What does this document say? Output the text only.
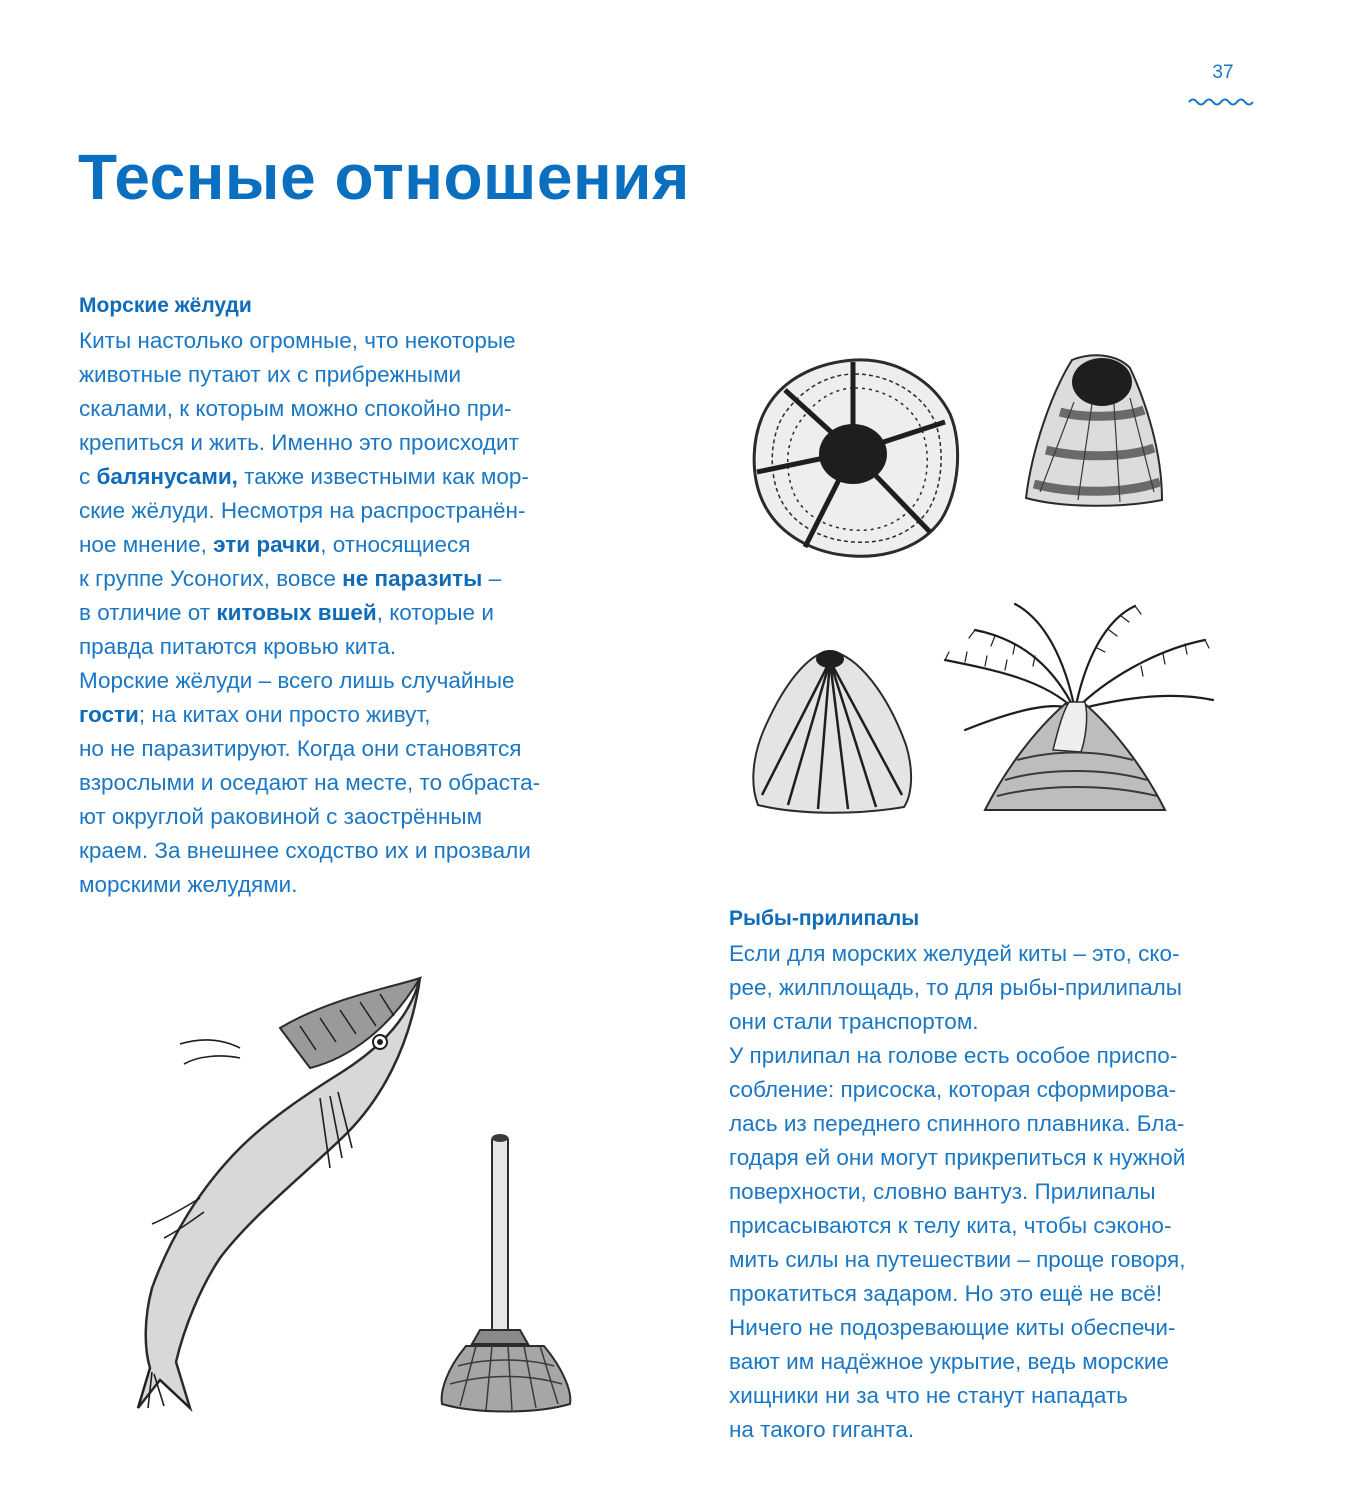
37
Тесные отношения
Морские жёлуди
Киты настолько огромные, что некоторые
животные путают их с прибрежными
скалами, к которым можно спокойно при-
крепиться и жить. Именно это происходит
с балянусами, также известными как мор-
ские жёлуди. Несмотря на распространён-
ное мнение, эти рачки, относящиеся
к группе Усоногих, вовсе не паразиты –
в отличие от китовых вшей, которые и
правда питаются кровью кита.
Морские жёлуди – всего лишь случайные
гости; на китах они просто живут,
но не паразитируют. Когда они становятся
взрослыми и оседают на месте, то обраста-
ют округлой раковиной с заострённым
краем. За внешнее сходство их и прозвали
морскими желудями.
Рыбы-прилипалы
Если для морских желудей киты – это, ско-
рее, жилплощадь, то для рыбы-прилипалы
они стали транспортом.
У прилипал на голове есть особое приспо-
собление: присоска, которая сформирова-
лась из переднего спинного плавника. Бла-
годаря ей они могут прикрепиться к нужной
поверхности, словно вантуз. Прилипалы
присасываются к телу кита, чтобы сэконо-
мить силы на путешествии – проще говоря,
прокатиться задаром. Но это ещё не всё!
Ничего не подозревающие киты обеспечи-
вают им надёжное укрытие, ведь морские
хищники ни за что не станут нападать
на такого гиганта.
